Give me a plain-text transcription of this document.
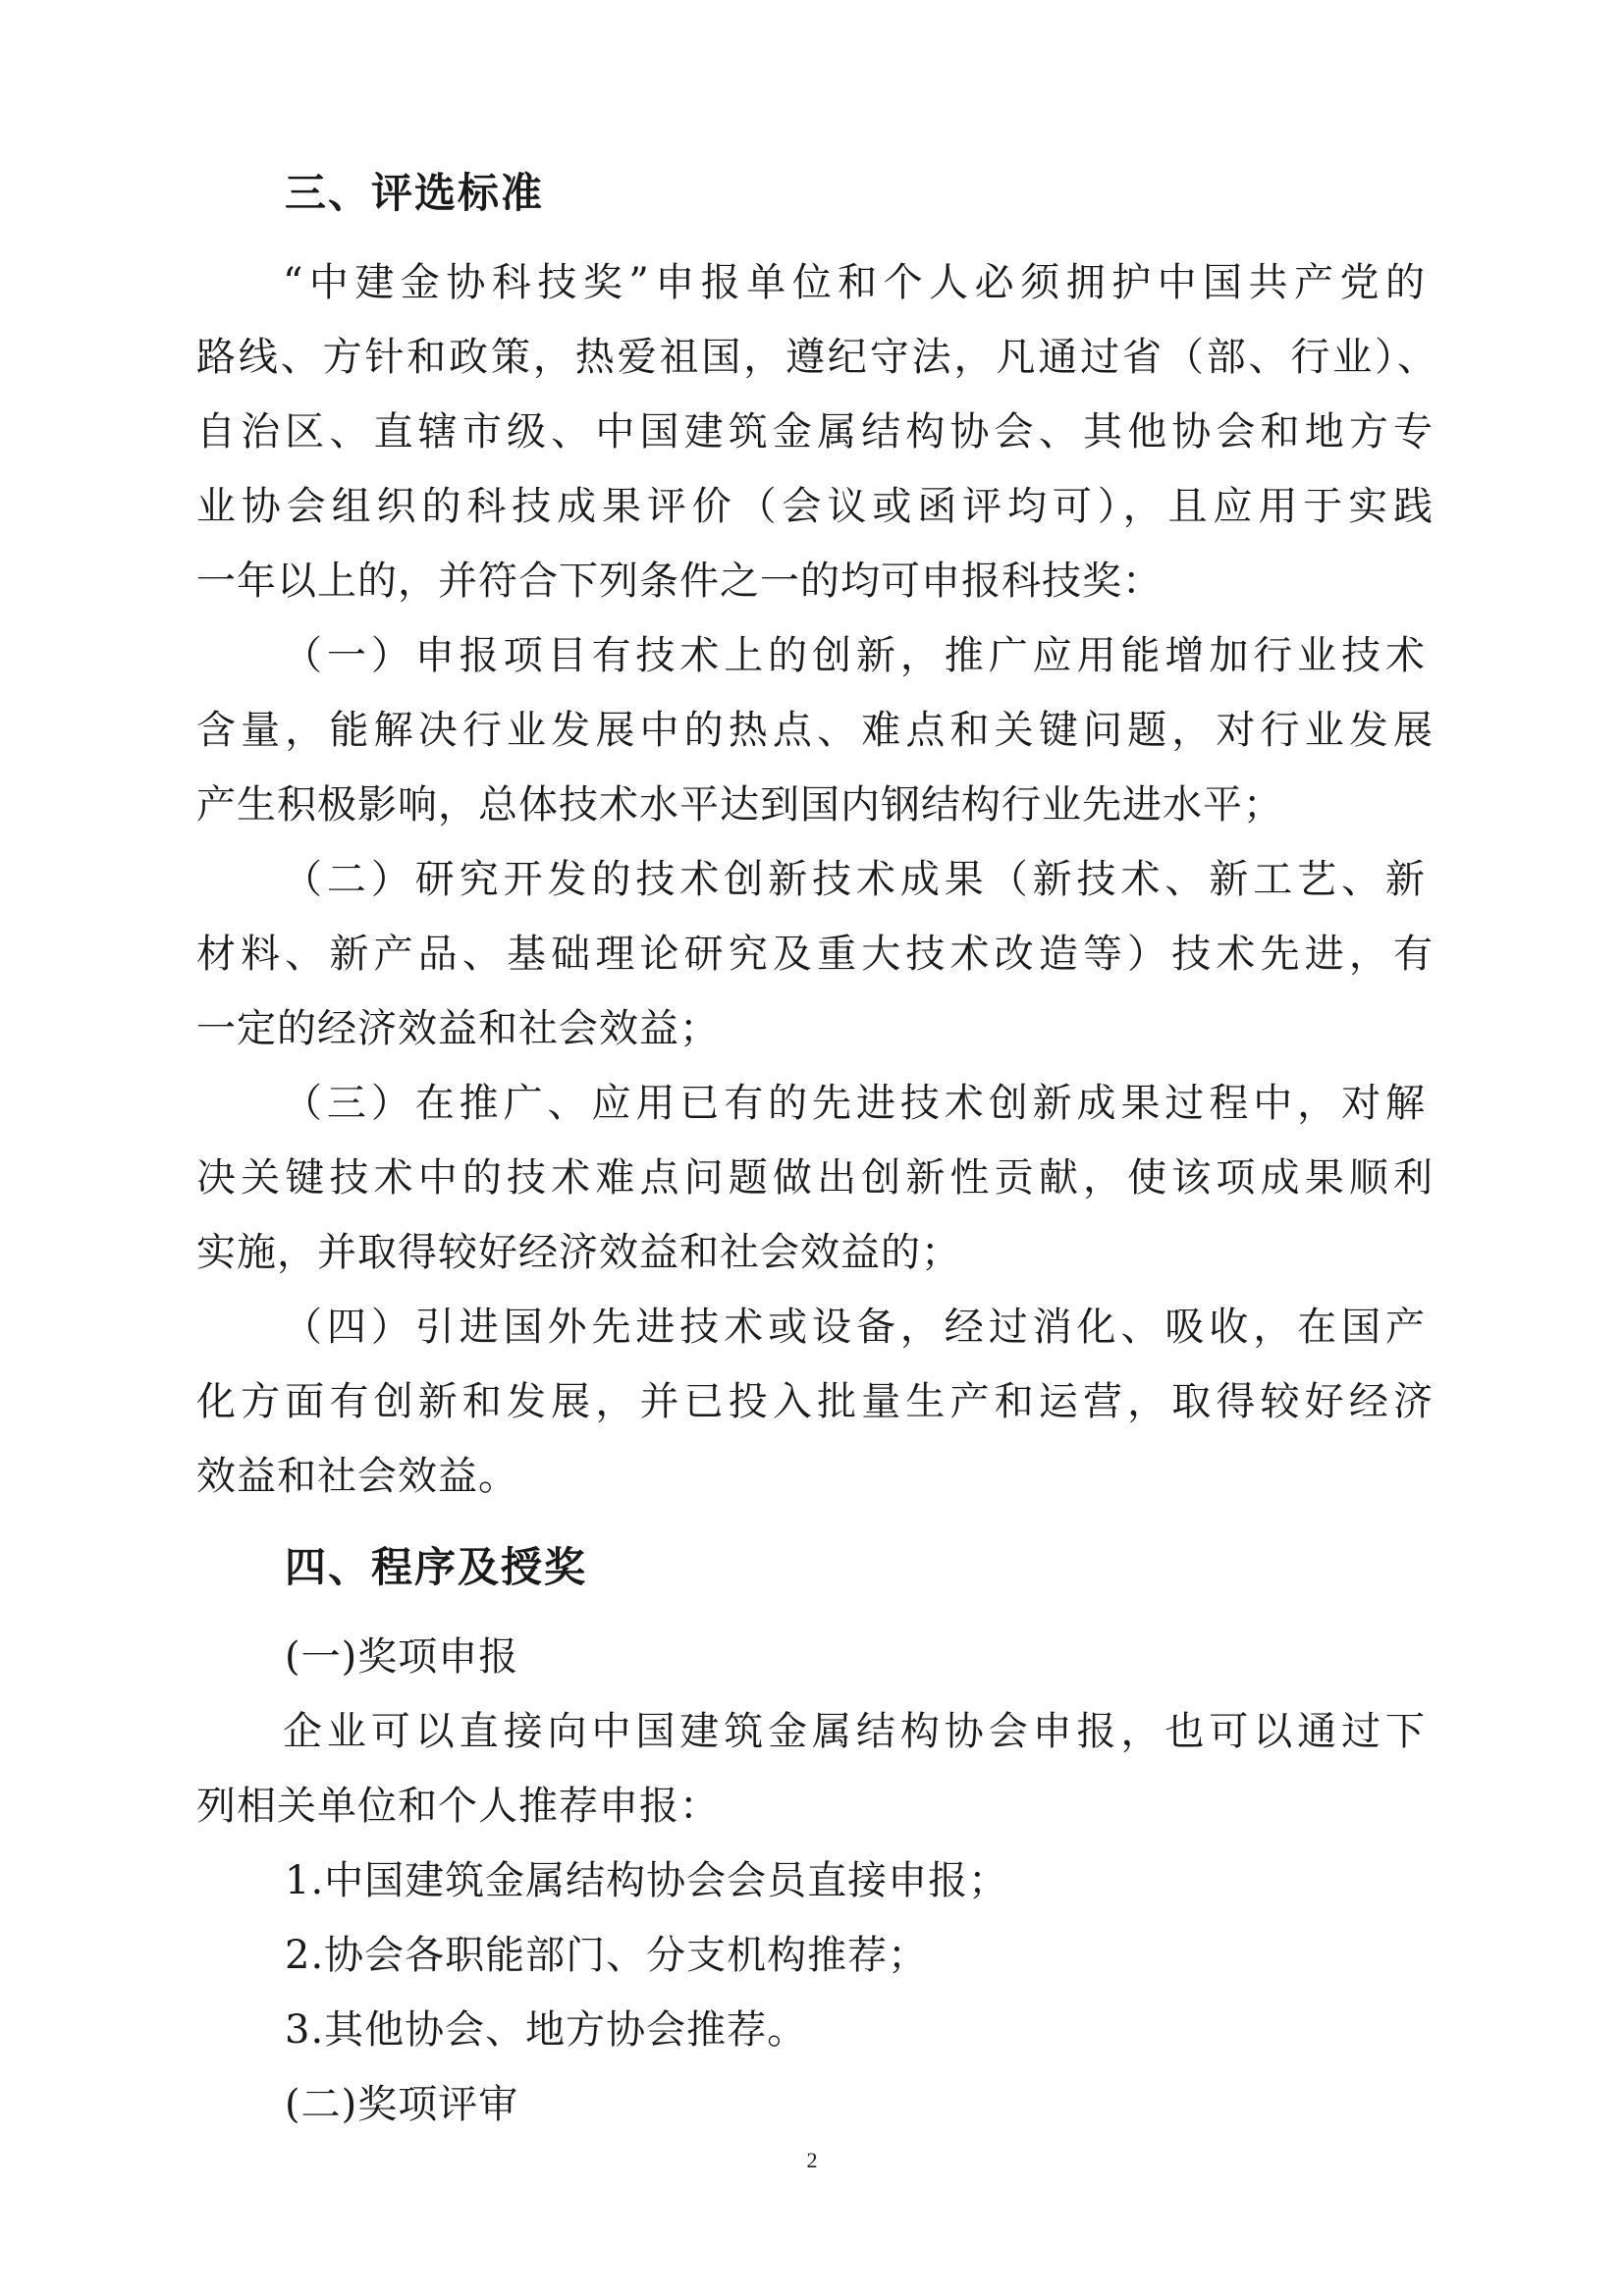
三、评选标准
“中建金协科技奖”申报单位和个人必须拥护中国共产党的
路线、方针和政策，热爱祖国，遵纪守法，凡通过省（部、行业）、
自治区、直辖市级、中国建筑金属结构协会、其他协会和地方专
业协会组织的科技成果评价（会议或函评均可），且应用于实践
一年以上的，并符合下列条件之一的均可申报科技奖：
（一）申报项目有技术上的创新，推广应用能增加行业技术
含量，能解决行业发展中的热点、难点和关键问题，对行业发展
产生积极影响，总体技术水平达到国内钢结构行业先进水平；
（二）研究开发的技术创新技术成果（新技术、新工艺、新
材料、新产品、基础理论研究及重大技术改造等）技术先进，有
一定的经济效益和社会效益；
（三）在推广、应用已有的先进技术创新成果过程中，对解
决关键技术中的技术难点问题做出创新性贡献，使该项成果顺利
实施，并取得较好经济效益和社会效益的；
（四）引进国外先进技术或设备，经过消化、吸收，在国产
化方面有创新和发展，并已投入批量生产和运营，取得较好经济
效益和社会效益。
四、程序及授奖
(一)奖项申报
企业可以直接向中国建筑金属结构协会申报，也可以通过下
列相关单位和个人推荐申报：
1.中国建筑金属结构协会会员直接申报；
2.协会各职能部门、分支机构推荐；
3.其他协会、地方协会推荐。
(二)奖项评审
2
